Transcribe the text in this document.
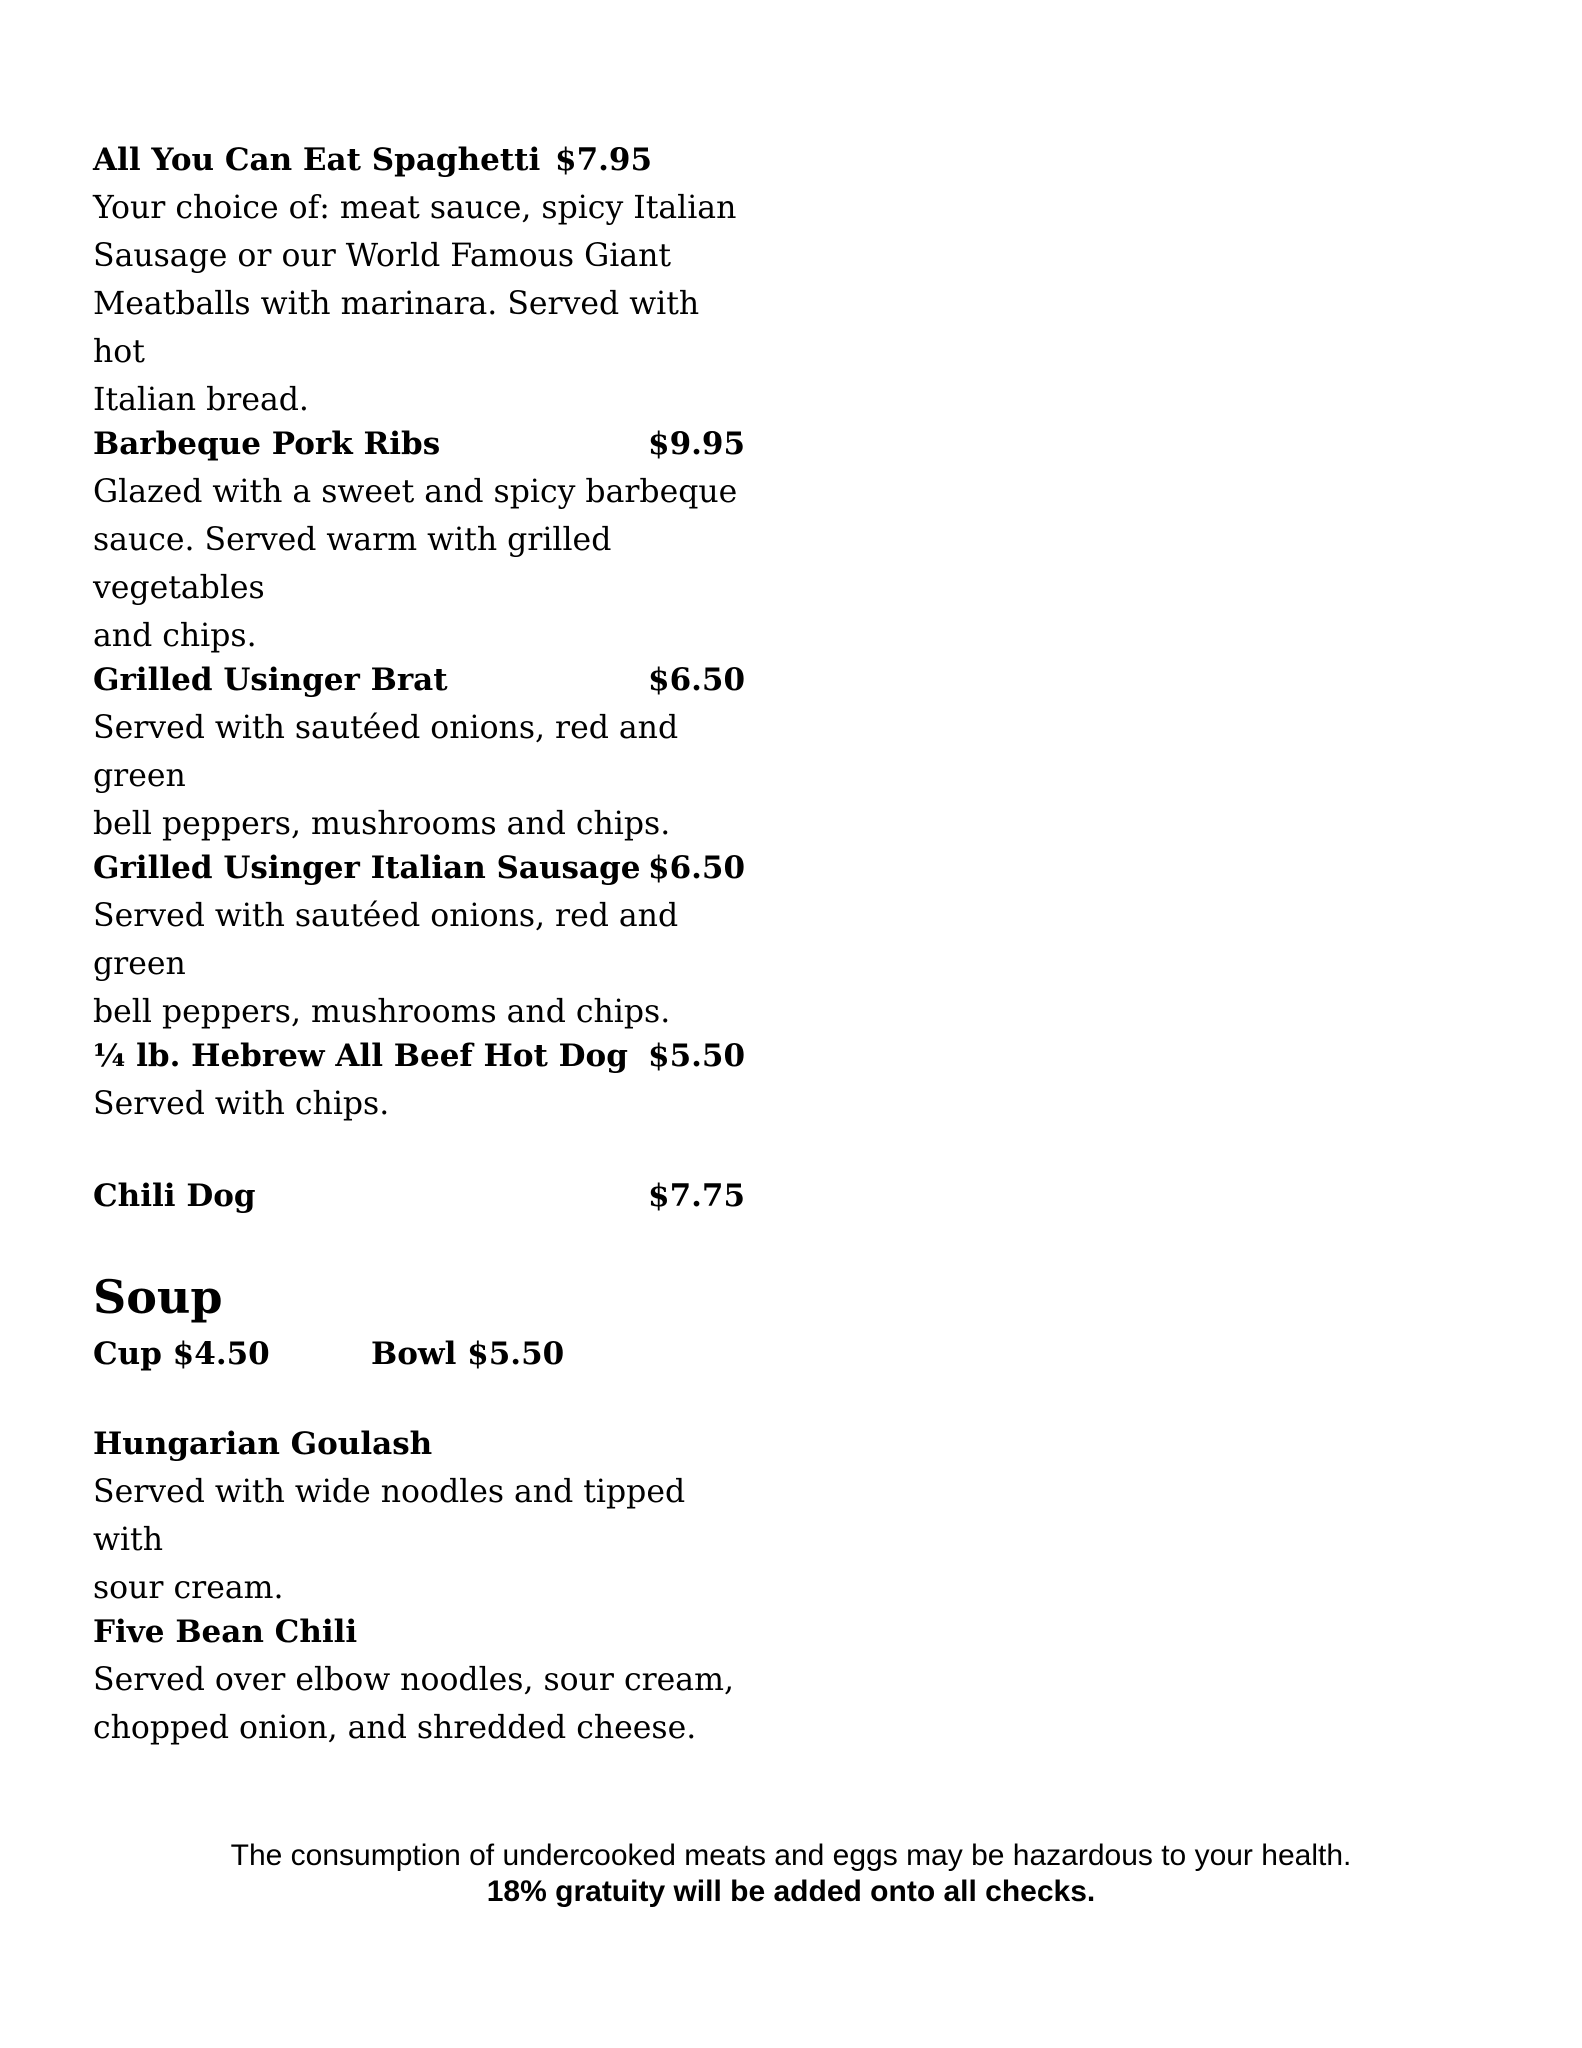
All You Can Eat Spaghetti $7.95

Your choice of: meat sauce, spicy Italian
Sausage or our World Famous Giant
Meatballs with marinara. Served with hot
Italian bread.

Barbeque Pork Ribs	$9.95

Glazed with a sweet and spicy barbeque
sauce. Served warm with grilled vegetables
and chips.

Grilled Usinger Brat	$6.50

Served with sautéed onions, red and green
bell peppers, mushrooms and chips.

Grilled Usinger Italian Sausage $6.50

Served with sautéed onions, red and green
bell peppers, mushrooms and chips.

¼ lb. Hebrew All Beef Hot Dog $5.50

Served with chips.

Chili Dog	$7.75
Soup
Cup $4.50	Bowl $5.50
Hungarian Goulash

Served with wide noodles and tipped with
sour cream.

Five Bean Chili

Served over elbow noodles, sour cream,
chopped onion, and shredded cheese.

The consumption of undercooked meats and eggs may be hazardous to your health.
18% gratuity will be added onto all checks.
